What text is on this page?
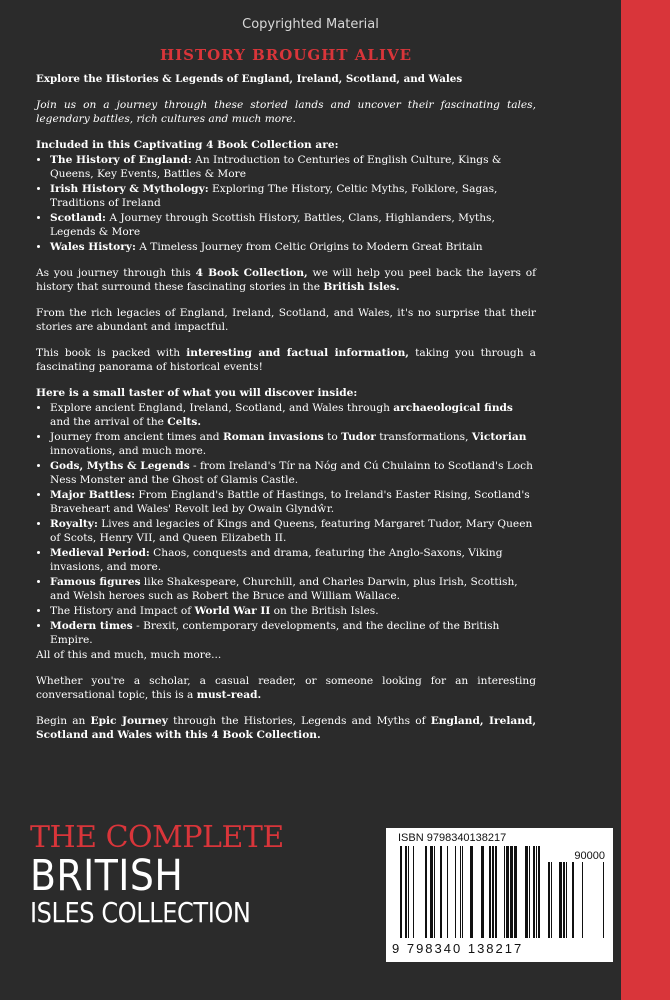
Copyrighted Material
HISTORY BROUGHT ALIVE
Explore the Histories & Legends of England, Ireland, Scotland, and Wales

Join us on a journey through these storied lands and uncover their fascinating tales, legendary battles, rich cultures and much more.

Included in this Captivating 4 Book Collection are:
• The History of England: An Introduction to Centuries of English Culture, Kings & Queens, Key Events, Battles & More
• Irish History & Mythology: Exploring The History, Celtic Myths, Folklore, Sagas, Traditions of Ireland
• Scotland: A Journey through Scottish History, Battles, Clans, Highlanders, Myths, Legends & More
• Wales History: A Timeless Journey from Celtic Origins to Modern Great Britain

As you journey through this 4 Book Collection, we will help you peel back the layers of history that surround these fascinating stories in the British Isles.

From the rich legacies of England, Ireland, Scotland, and Wales, it's no surprise that their stories are abundant and impactful.

This book is packed with interesting and factual information, taking you through a fascinating panorama of historical events!

Here is a small taster of what you will discover inside:
• Explore ancient England, Ireland, Scotland, and Wales through archaeological finds and the arrival of the Celts.
• Journey from ancient times and Roman invasions to Tudor transformations, Victorian innovations, and much more.
• Gods, Myths & Legends - from Ireland's Tír na Nóg and Cú Chulainn to Scotland's Loch Ness Monster and the Ghost of Glamis Castle.
• Major Battles: From England's Battle of Hastings, to Ireland's Easter Rising, Scotland's Braveheart and Wales' Revolt led by Owain Glyndŵr.
• Royalty: Lives and legacies of Kings and Queens, featuring Margaret Tudor, Mary Queen of Scots, Henry VII, and Queen Elizabeth II.
• Medieval Period: Chaos, conquests and drama, featuring the Anglo-Saxons, Viking invasions, and more.
• Famous figures like Shakespeare, Churchill, and Charles Darwin, plus Irish, Scottish, and Welsh heroes such as Robert the Bruce and William Wallace.
• The History and Impact of World War II on the British Isles.
• Modern times - Brexit, contemporary developments, and the decline of the British Empire.
All of this and much, much more...

Whether you're a scholar, a casual reader, or someone looking for an interesting conversational topic, this is a must-read.

Begin an Epic Journey through the Histories, Legends and Myths of England, Ireland, Scotland and Wales with this 4 Book Collection.

THE COMPLETE
BRITISH
ISLES COLLECTION
ISBN 9798340138217
90000
9 798340 138217
